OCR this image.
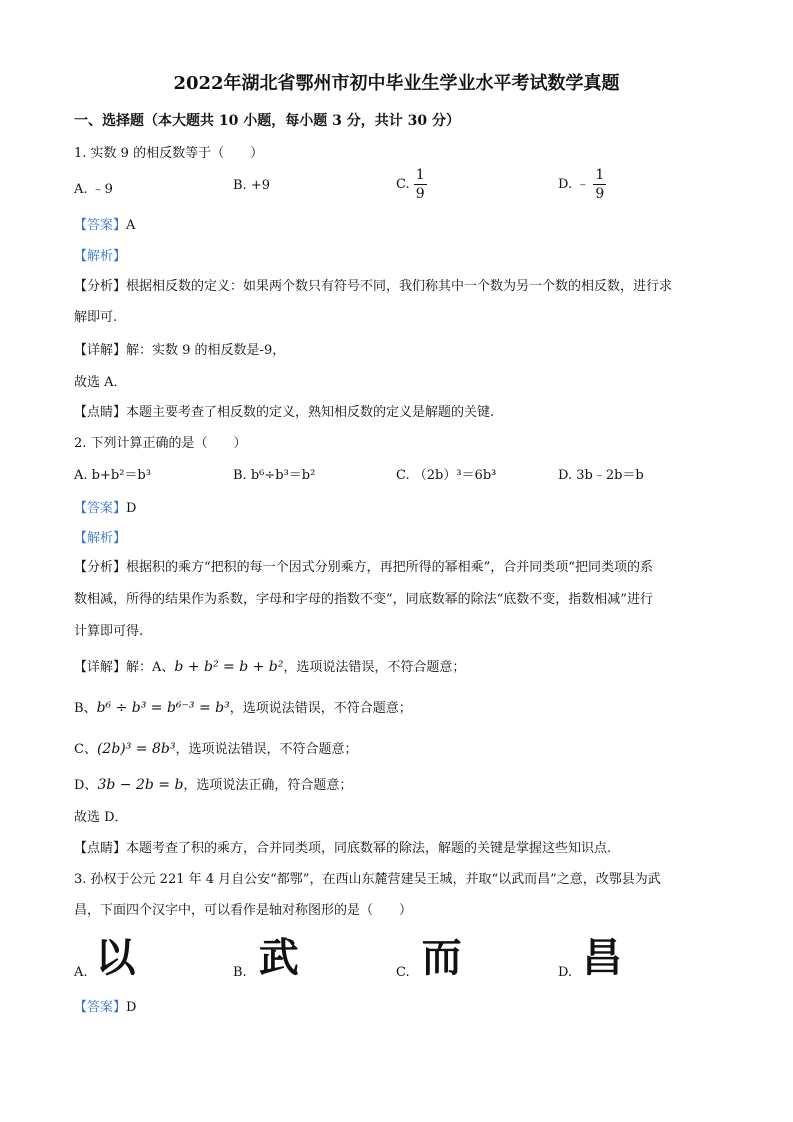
2022年湖北省鄂州市初中毕业生学业水平考试数学真题
一、选择题（本大题共 10 小题，每小题 3 分，共计 30 分）
1. 实数 9 的相反数等于（　　）
A. ﹣9	B. +9	C. $\frac{1}{9}$	D. ﹣ $\frac{1}{9}$
【答案】A
【解析】
【分析】根据相反数的定义：如果两个数只有符号不同，我们称其中一个数为另一个数的相反数，进行求
解即可.
【详解】解：实数 9 的相反数是-9，
故选 A．
【点睛】本题主要考查了相反数的定义，熟知相反数的定义是解题的关键.
2. 下列计算正确的是（　　）
A. b+b²＝b³	B. b⁶÷b³＝b²	C. （2b）³＝6b³	D. 3b﹣2b＝b
【答案】D
【解析】
【分析】根据积的乘方“把积的每一个因式分别乘方，再把所得的幂相乘”，合并同类项“把同类项的系
数相减，所得的结果作为系数，字母和字母的指数不变”，同底数幂的除法“底数不变，指数相减”进行
计算即可得.
【详解】解：A、b + b² = b + b²，选项说法错误，不符合题意；
B、b⁶ ÷ b³ = b⁶⁻³ = b³，选项说法错误，不符合题意；
C、(2b)³ = 8b³，选项说法错误，不符合题意；
D、3b − 2b = b，选项说法正确，符合题意；
故选 D．
【点睛】本题考查了积的乘方，合并同类项，同底数幂的除法，解题的关键是掌握这些知识点.
3. 孙权于公元 221 年 4 月自公安“都鄂”，在西山东麓营建吴王城，并取“以武而昌”之意，改鄂县为武
昌，下面四个汉字中，可以看作是轴对称图形的是（　　）
A. 以	B. 武	C. 而	D. 昌
【答案】D
